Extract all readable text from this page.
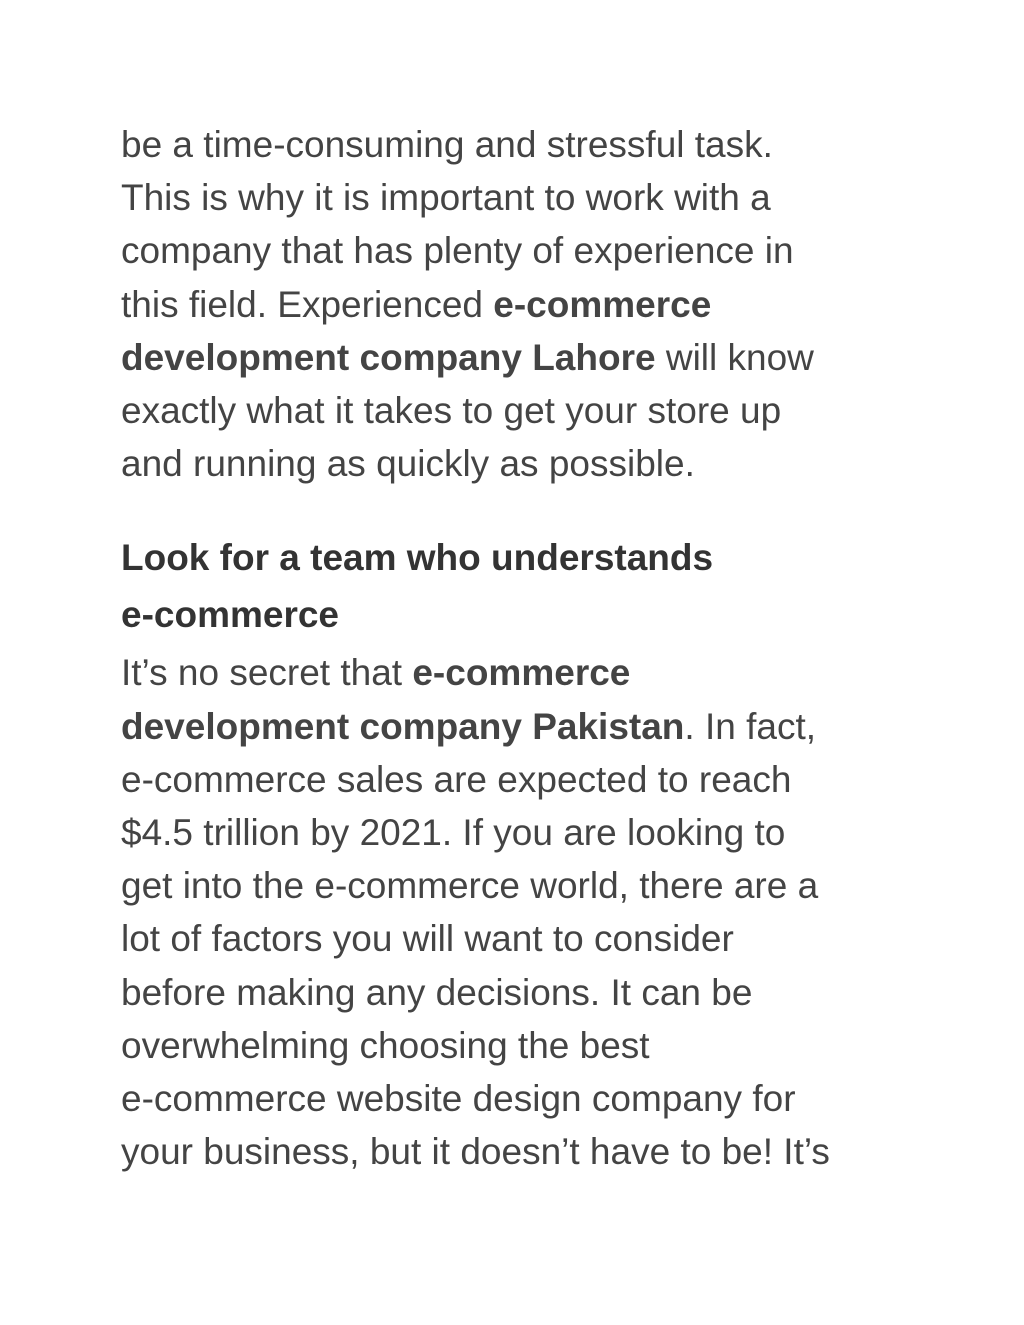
be a time-consuming and stressful task.
This is why it is important to work with a
company that has plenty of experience in
this field. Experienced e-commerce
development company Lahore will know
exactly what it takes to get your store up
and running as quickly as possible.
Look for a team who understands
e-commerce
It’s no secret that e-commerce
development company Pakistan. In fact,
e-commerce sales are expected to reach
$4.5 trillion by 2021. If you are looking to
get into the e-commerce world, there are a
lot of factors you will want to consider
before making any decisions. It can be
overwhelming choosing the best
e-commerce website design company for
your business, but it doesn’t have to be! It’s
